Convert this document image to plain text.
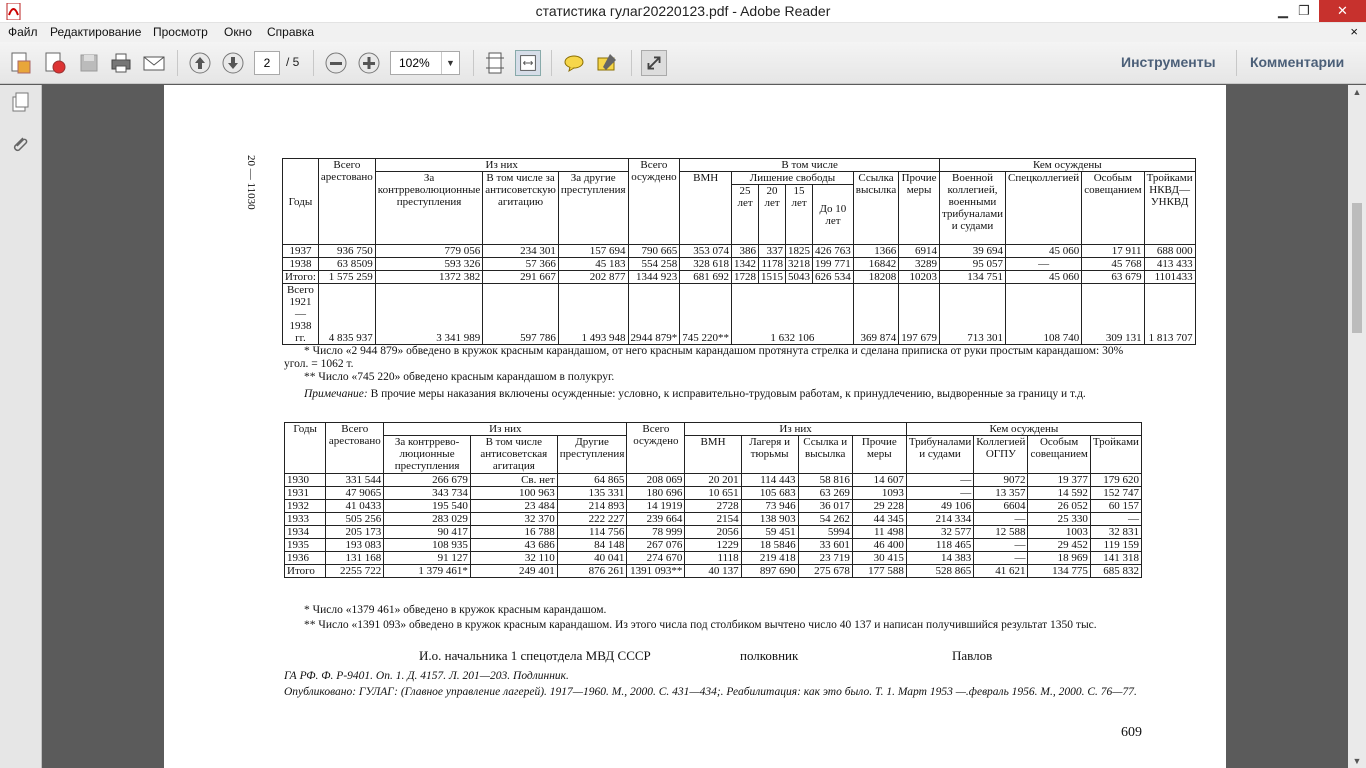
статистика гулаг20220123.pdf - Adobe Reader	▁ ❐	✕
Файл Редактирование Просмотр Окно Справка	×
2	/ 5	102%	▼	Инструменты Комментарии
20 — 11030	Годы	Всего арестовано	Из них			Всего осуждено	В том числе							Кем осуждены			
		За контрреволюционные преступления	В том числе за антисоветскую агитацию	За другие преступления		ВМН	Лишение свободы				Ссылка высылка	Прочие меры	Военной коллегией, военными трибуналами и судами	Спецколлегией	Особым совещанием	Тройками НКВД—УНКВД
							25 лет	20 лет	15 лет	До 10 лет						
1937	936 750	779 056	234 301	157 694	790 665	353 074	386	337	1825	426 763	1366	6914	39 694	45 060	17 911	688 000
1938	63 8509	593 326	57 366	45 183	554 258	328 618	1342	1178	3218	199 771	16842	3289	95 057	—	45 768	413 433
Итого:	1 575 259	1372 382	291 667	202 877	1344 923	681 692	1728	1515	5043	626 534	18208	10203	134 751	45 060	63 679	1101433
Всего 1921—1938 гг.	4 835 937	3 341 989	597 786	1 493 948	2944 879*	745 220**	1 632 106				369 874	197 679	713 301	108 740	309 131	1 813 707
* Число «2 944 879» обведено в кружок красным карандашом, от него красным карандашом протянута стрелка и сделана приписка от руки простым карандашом: 30% угол. = 1062 т.
** Число «745 220» обведено красным карандашом в полукруг.
Примечание: В прочие меры наказания включены осужденные: условно, к исправительно-трудовым работам, к принудлечению, выдворенные за границу и т.д.
Годы	Всего арестовано	Из них			Всего осуждено	Из них				Кем осуждены			
		За контррево-люционные преступления	В том числе антисоветская агитация	Другие преступления		ВМН	Лагеря и тюрьмы	Ссылка и высылка	Прочие меры	Трибуналами и судами	Коллегией ОГПУ	Особым совещанием	Тройками
1930	331 544	266 679	Св. нет	64 865	208 069	20 201	114 443	58 816	14 607	—	9072	19 377	179 620
1931	47 9065	343 734	100 963	135 331	180 696	10 651	105 683	63 269	1093	—	13 357	14 592	152 747
1932	41 0433	195 540	23 484	214 893	14 1919	2728	73 946	36 017	29 228	49 106	6604	26 052	60 157
1933	505 256	283 029	32 370	222 227	239 664	2154	138 903	54 262	44 345	214 334	—	25 330	—
1934	205 173	90 417	16 788	114 756	78 999	2056	59 451	5994	11 498	32 577	12 588	1003	32 831
1935	193 083	108 935	43 686	84 148	267 076	1229	18 5846	33 601	46 400	118 465	—	29 452	119 159
1936	131 168	91 127	32 110	40 041	274 670	1118	219 418	23 719	30 415	14 383	—	18 969	141 318
Итого	2255 722	1 379 461*	249 401	876 261	1391 093**	40 137	897 690	275 678	177 588	528 865	41 621	134 775	685 832
* Число «1379 461» обведено в кружок красным карандашом.
** Число «1391 093» обведено в кружок красным карандашом. Из этого числа под столбиком вычтено число 40 137 и написан получившийся результат 1350 тыс.
И.о. начальника 1 спецотдела МВД СССР	полковник	Павлов
ГА РФ. Ф. Р-9401. Оп. 1. Д. 4157. Л. 201—203. Подлинник.
Опубликовано: ГУЛАГ: (Главное управление лагерей). 1917—1960. М., 2000. С. 431—434;. Реабилитация: как это было. Т. 1. Март 1953 —.февраль 1956. М., 2000. С. 76—77.
609
▲
▼
